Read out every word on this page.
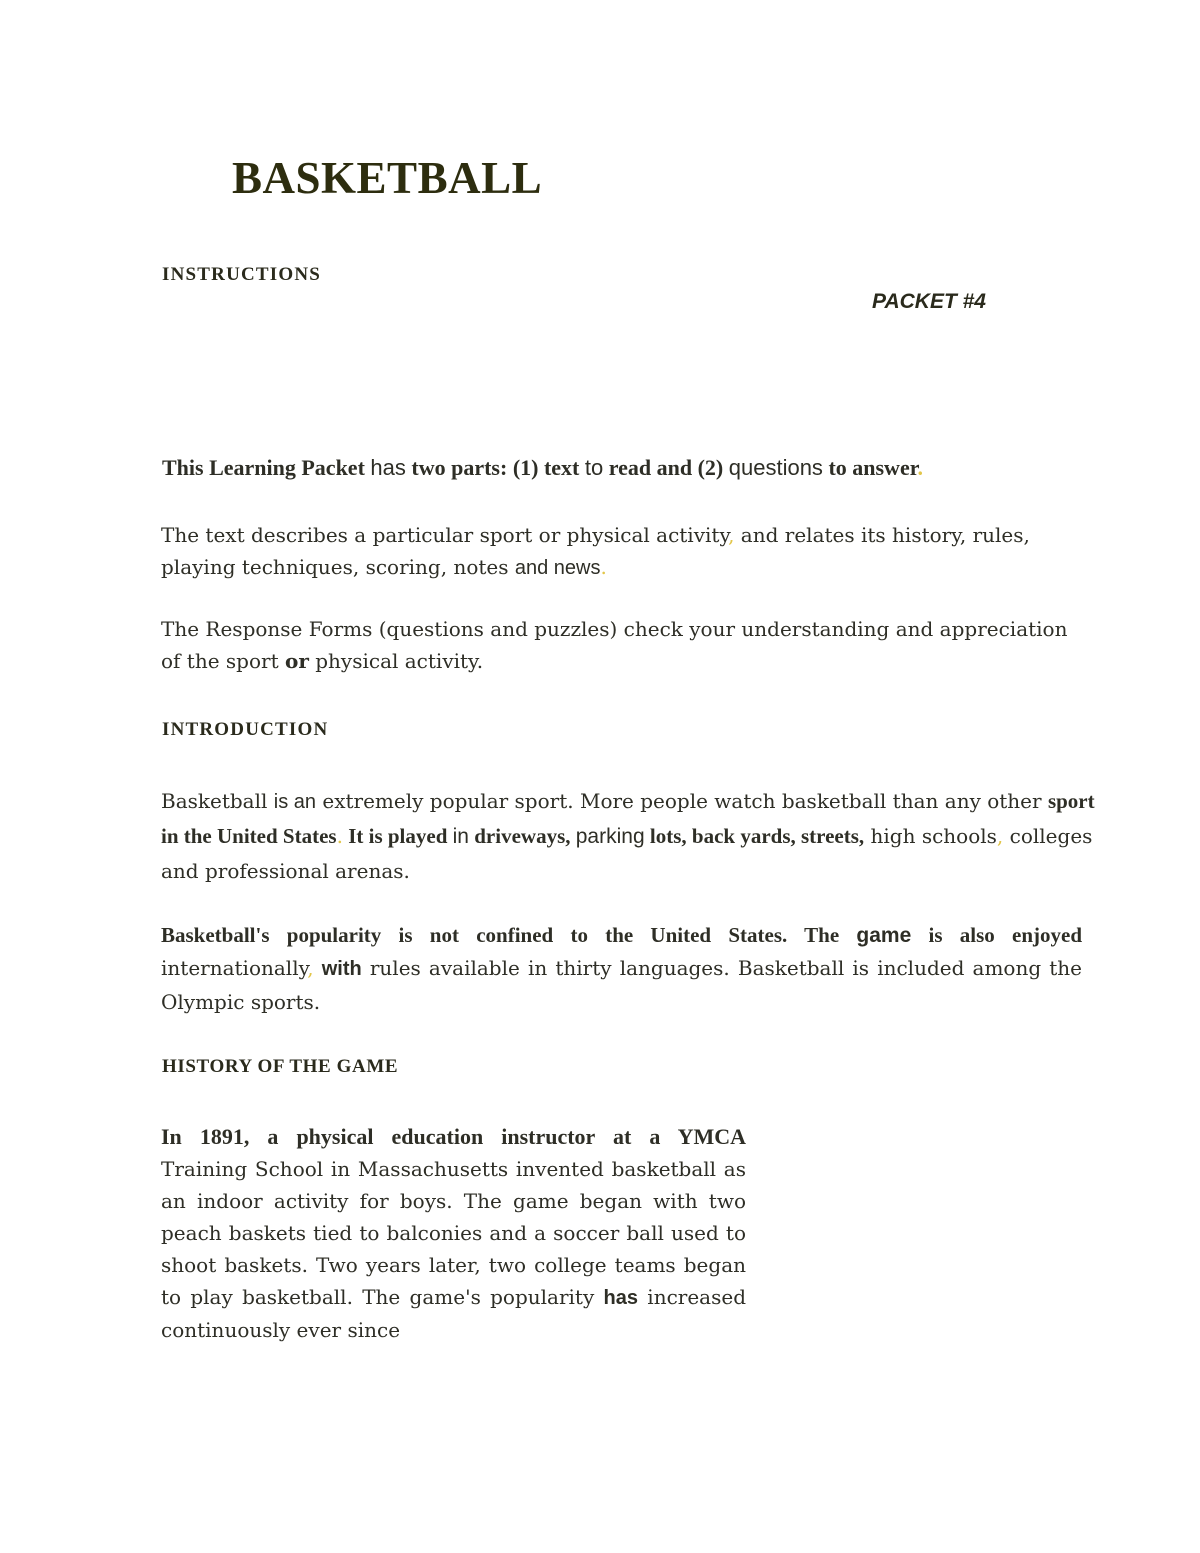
BASKETBALL
INSTRUCTIONS
PACKET #4

This Learning Packet has two parts: (1) text to read and (2) questions to answer.

The text describes a particular sport or physical activity, and relates its history, rules, playing techniques, scoring, notes and news.

The Response Forms (questions and puzzles) check your understanding and appreciation of the sport or physical activity.

INTRODUCTION

Basketball is an extremely popular sport. More people watch basketball than any other sport in the United States. It is played in driveways, parking lots, back yards, streets, high schools, colleges and professional arenas.

Basketball's popularity is not confined to the United States. The game is also enjoyed internationally, with rules available in thirty languages. Basketball is included among the Olympic sports.

HISTORY OF THE GAME

In 1891, a physical education instructor at a YMCA Training School in Massachusetts invented basketball as an indoor activity for boys. The game began with two peach baskets tied to balconies and a soccer ball used to shoot baskets. Two years later, two college teams began to play basketball. The game's popularity has increased continuously ever since
